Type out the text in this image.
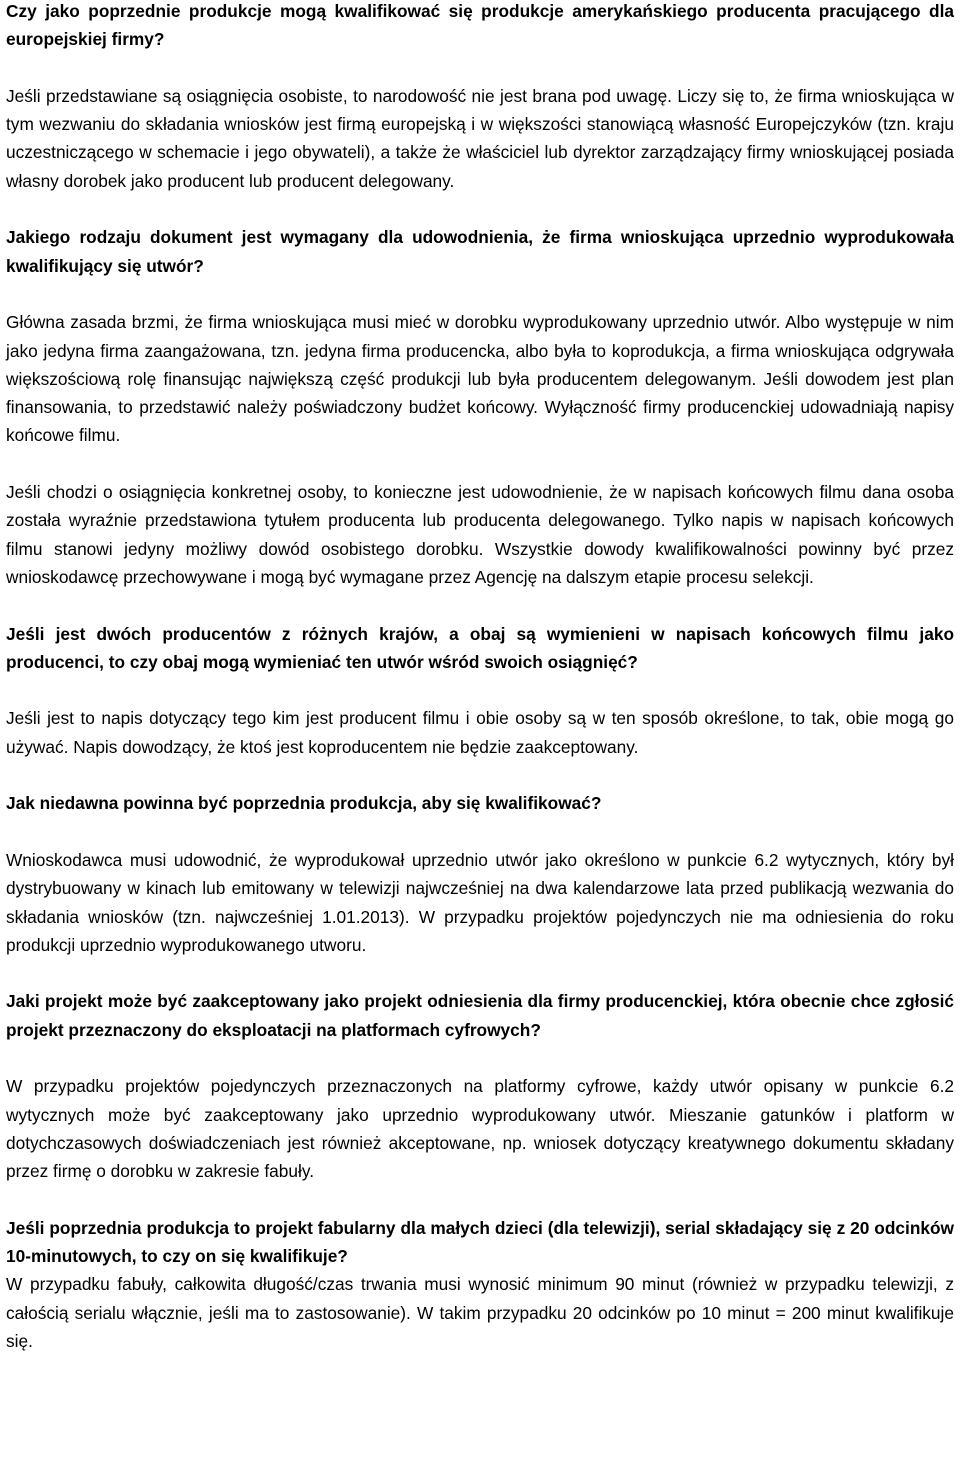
Czy jako poprzednie produkcje mogą kwalifikować się produkcje amerykańskiego producenta pracującego dla europejskiej firmy?

Jeśli przedstawiane są osiągnięcia osobiste, to narodowość nie jest brana pod uwagę. Liczy się to, że firma wnioskująca w tym wezwaniu do składania wniosków jest firmą europejską i w większości stanowiącą własność Europejczyków (tzn. kraju uczestniczącego w schemacie i jego obywateli), a także że właściciel lub dyrektor zarządzający firmy wnioskującej posiada własny dorobek jako producent lub producent delegowany.

Jakiego rodzaju dokument jest wymagany dla udowodnienia, że firma wnioskująca uprzednio wyprodukowała kwalifikujący się utwór?

Główna zasada brzmi, że firma wnioskująca musi mieć w dorobku wyprodukowany uprzednio utwór. Albo występuje w nim jako jedyna firma zaangażowana, tzn. jedyna firma producencka, albo była to koprodukcja, a firma wnioskująca odgrywała większościową rolę finansując największą część produkcji lub była producentem delegowanym. Jeśli dowodem jest plan finansowania, to przedstawić należy poświadczony budżet końcowy. Wyłączność firmy producenckiej udowadniają napisy końcowe filmu.

Jeśli chodzi o osiągnięcia konkretnej osoby, to konieczne jest udowodnienie, że w napisach końcowych filmu dana osoba została wyraźnie przedstawiona tytułem producenta lub producenta delegowanego. Tylko napis w napisach końcowych filmu stanowi jedyny możliwy dowód osobistego dorobku. Wszystkie dowody kwalifikowalności powinny być przez wnioskodawcę przechowywane i mogą być wymagane przez Agencję na dalszym etapie procesu selekcji.

Jeśli jest dwóch producentów z różnych krajów, a obaj są wymienieni w napisach końcowych filmu jako producenci, to czy obaj mogą wymieniać ten utwór wśród swoich osiągnięć?

Jeśli jest to napis dotyczący tego kim jest producent filmu i obie osoby są w ten sposób określone, to tak, obie mogą go używać. Napis dowodzący, że ktoś jest koproducentem nie będzie zaakceptowany.

Jak niedawna powinna być poprzednia produkcja, aby się kwalifikować?

Wnioskodawca musi udowodnić, że wyprodukował uprzednio utwór jako określono w punkcie 6.2 wytycznych, który był dystrybuowany w kinach lub emitowany w telewizji najwcześniej na dwa kalendarzowe lata przed publikacją wezwania do składania wniosków (tzn. najwcześniej 1.01.2013). W przypadku projektów pojedynczych nie ma odniesienia do roku produkcji uprzednio wyprodukowanego utworu.

Jaki projekt może być zaakceptowany jako projekt odniesienia dla firmy producenckiej, która obecnie chce zgłosić projekt przeznaczony do eksploatacji na platformach cyfrowych?

W przypadku projektów pojedynczych przeznaczonych na platformy cyfrowe, każdy utwór opisany w punkcie 6.2 wytycznych może być zaakceptowany jako uprzednio wyprodukowany utwór. Mieszanie gatunków i platform w dotychczasowych doświadczeniach jest również akceptowane, np. wniosek dotyczący kreatywnego dokumentu składany przez firmę o dorobku w zakresie fabuły.

Jeśli poprzednia produkcja to projekt fabularny dla małych dzieci (dla telewizji), serial składający się z 20 odcinków 10-minutowych, to czy on się kwalifikuje?

W przypadku fabuły, całkowita długość/czas trwania musi wynosić minimum 90 minut (również w przypadku telewizji, z całością serialu włącznie, jeśli ma to zastosowanie). W takim przypadku 20 odcinków po 10 minut = 200 minut kwalifikuje się.
